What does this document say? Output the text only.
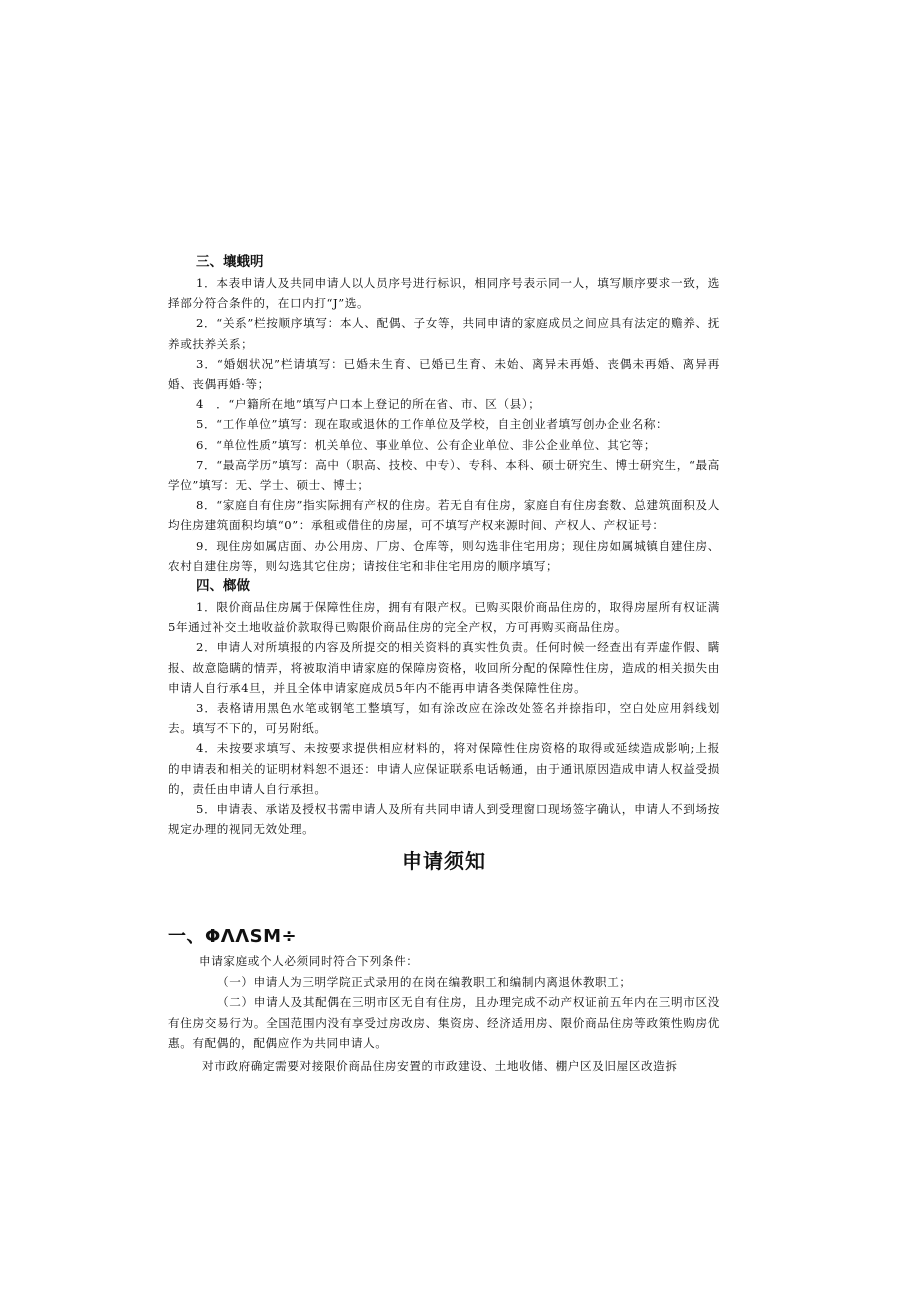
三、壤蛾明

1．本表申请人及共同申请人以人员序号进行标识，相同序号表示同一人，填写顺序要求一致，选择部分符合条件的，在口内打“J”选。

2．“关系”栏按顺序填写：本人、配偶、子女等，共同申请的家庭成员之间应具有法定的赡养、抚养或扶养关系；

3．“婚姻状况”栏请填写：已婚未生育、已婚已生育、未始、离异未再婚、丧偶未再婚、离异再婚、丧偶再婚·等；

4　．“户籍所在地”填写户口本上登记的所在省、市、区（县）；

5．“工作单位”填写：现在取或退休的工作单位及学校，自主创业者填写创办企业名称：

6．“单位性质”填写：机关单位、事业单位、公有企业单位、非公企业单位、其它等；

7．“最高学历”填写：高中（职高、技校、中专）、专科、本科、硕士研究生、博士研究生，“最高学位”填写：无、学士、硕士、博士；

8．“家庭自有住房”指实际拥有产权的住房。若无自有住房，家庭自有住房套数、总建筑面积及人均住房建筑面积均填“0”：承租或借住的房屋，可不填写产权来源时间、产权人、产权证号：

9．现住房如属店面、办公用房、厂房、仓库等，则勾选非住宅用房；现住房如属城镇自建住房、农村自建住房等，则勾选其它住房；请按住宅和非住宅用房的顺序填写；

四、榔做

1．限价商品住房属于保障性住房，拥有有限产权。已购买限价商品住房的，取得房屋所有权证满5年通过补交土地收益价款取得已购限价商品住房的完全产权，方可再购买商品住房。

2．申请人对所填报的内容及所提交的相关资料的真实性负责。任何时候一经查出有弄虚作假、瞒报、故意隐瞒的情弄，将被取消申请家庭的保障房资格，收回所分配的保障性住房，造成的相关损失由申请人自行承4旦，并且全体申请家庭成员5年内不能再申请各类保障性住房。

3．表格请用黑色水笔或钢笔工整填写，如有涂改应在涂改处签名并捺指印，空白处应用斜线划去。填写不下的，可另附纸。

4．未按要求填写、未按要求提供相应材料的，将对保障性住房资格的取得或延续造成影响;上报的申请表和相关的证明材料恕不退还：申请人应保证联系电话畅通，由于通讯原因造成申请人权益受损的，责任由申请人自行承担。

5．申请表、承诺及授权书需申请人及所有共同申请人到受理窗口现场签字确认，申请人不到场按规定办理的视同无效处理。

申请须知
一、ΦΛΛSM÷

申请家庭或个人必须同时符合下列条件：

（一）申请人为三明学院正式录用的在岗在编教职工和编制内离退休教职工；

（二）申请人及其配偶在三明市区无自有住房，且办理完成不动产权证前五年内在三明市区没有住房交易行为。全国范围内没有享受过房改房、集资房、经济适用房、限价商品住房等政策性购房优惠。有配偶的，配偶应作为共同申请人。

对市政府确定需要对接限价商品住房安置的市政建设、土地收储、棚户区及旧屋区改造拆
